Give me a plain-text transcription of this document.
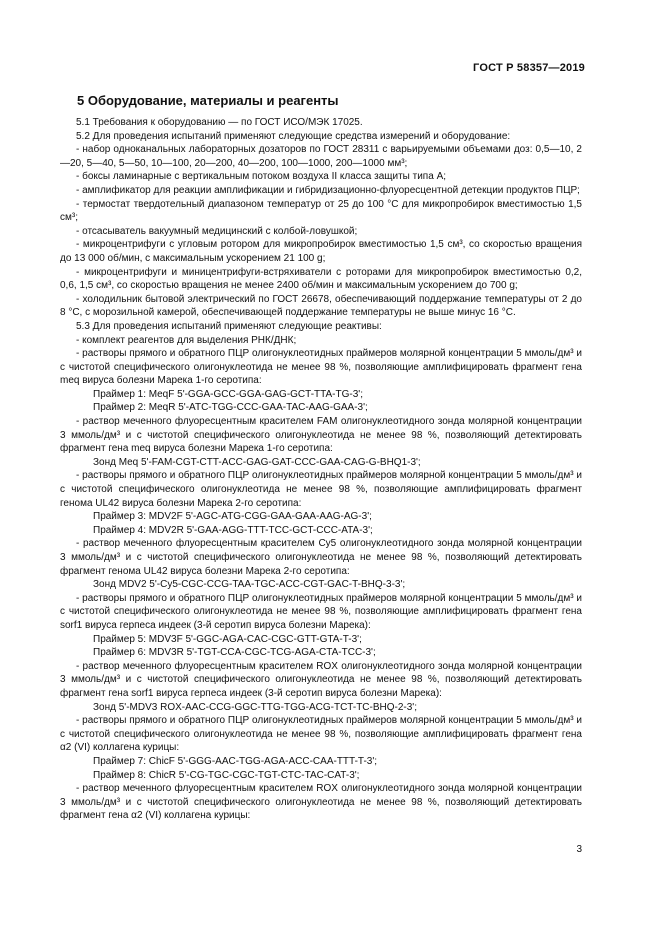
ГОСТ Р 58357—2019
5 Оборудование, материалы и реагенты

5.1 Требования к оборудованию — по ГОСТ ИСО/МЭК 17025.

5.2 Для проведения испытаний применяют следующие средства измерений и оборудование:

- набор одноканальных лабораторных дозаторов по ГОСТ 28311 с варьируемыми объемами доз: 0,5—10, 2—20, 5—40, 5—50, 10—100, 20—200, 40—200, 100—1000, 200—1000 мм³;

- боксы ламинарные с вертикальным потоком воздуха II класса защиты типа А;

- амплификатор для реакции амплификации и гибридизационно-флуоресцентной детекции продуктов ПЦР;

- термостат твердотельный диапазоном температур от 25 до 100 °С для микропробирок вместимостью 1,5 см³;

- отсасыватель вакуумный медицинский с колбой-ловушкой;

- микроцентрифуги с угловым ротором для микропробирок вместимостью 1,5 см³, со скоростью вращения до 13 000 об/мин, с максимальным ускорением 21 100 g;

- микроцентрифуги и миницентрифуги-встряхиватели с роторами для микропробирок вместимостью 0,2, 0,6, 1,5 см³, со скоростью вращения не менее 2400 об/мин и максимальным ускорением до 700 g;

- холодильник бытовой электрический по ГОСТ 26678, обеспечивающий поддержание температуры от 2 до 8 °С, с морозильной камерой, обеспечивающей поддержание температуры не выше минус 16 °С.

5.3 Для проведения испытаний применяют следующие реактивы:

- комплект реагентов для выделения РНК/ДНК;

- растворы прямого и обратного ПЦР олигонуклеотидных праймеров молярной концентрации 5 ммоль/дм³ и с чистотой специфического олигонуклеотида не менее 98 %, позволяющие амплифицировать фрагмент гена meq вируса болезни Марека 1-го серотипа:

Праймер 1: MeqF 5'-GGA-GCC-GGA-GAG-GCT-TTA-TG-3';

Праймер 2: MeqR 5'-ATC-TGG-CCC-GAA-TAC-AAG-GAA-3';

- раствор меченного флуоресцентным красителем FAM олигонуклеотидного зонда молярной концентрации 3 ммоль/дм³ и с чистотой специфического олигонуклеотида не менее 98 %, позволяющий детектировать фрагмент гена meq вируса болезни Марека 1-го серотипа:

Зонд Meq 5'-FAM-CGT-CTT-ACC-GAG-GAT-CCC-GAA-CAG-G-BHQ1-3';

- растворы прямого и обратного ПЦР олигонуклеотидных праймеров молярной концентрации 5 ммоль/дм³ и с чистотой специфического олигонуклеотида не менее 98 %, позволяющие амплифицировать фрагмент генома UL42 вируса болезни Марека 2-го серотипа:

Праймер 3: MDV2F 5'-AGC-ATG-CGG-GAA-GAA-AAG-AG-3';

Праймер 4: MDV2R 5'-GAA-AGG-TTT-TCC-GCT-CCC-ATA-3';

- раствор меченного флуоресцентным красителем Cy5 олигонуклеотидного зонда молярной концентрации 3 ммоль/дм³ и с чистотой специфического олигонуклеотида не менее 98 %, позволяющий детектировать фрагмент генома UL42 вируса болезни Марека 2-го серотипа:

Зонд MDV2 5'-Cy5-CGC-CCG-TAA-TGC-ACC-CGT-GAC-T-BHQ-3-3';

- растворы прямого и обратного ПЦР олигонуклеотидных праймеров молярной концентрации 5 ммоль/дм³ и с чистотой специфического олигонуклеотида не менее 98 %, позволяющие амплифицировать фрагмент гена sorf1 вируса герпеса индеек (3-й серотип вируса болезни Марека):

Праймер 5: MDV3F 5'-GGC-AGA-CAC-CGC-GTT-GTA-T-3';

Праймер 6: MDV3R 5'-TGT-CCA-CGC-TCG-AGA-CTA-TCC-3';

- раствор меченного флуоресцентным красителем ROX олигонуклеотидного зонда молярной концентрации 3 ммоль/дм³ и с чистотой специфического олигонуклеотида не менее 98 %, позволяющий детектировать фрагмент гена sorf1 вируса герпеса индеек (3-й серотип вируса болезни Марека):

Зонд 5'-MDV3 ROX-AAC-CCG-GGC-TTG-TGG-ACG-TCT-TC-BHQ-2-3';

- растворы прямого и обратного ПЦР олигонуклеотидных праймеров молярной концентрации 5 ммоль/дм³ и с чистотой специфического олигонуклеотида не менее 98 %, позволяющие амплифицировать фрагмент гена α2 (VI) коллагена курицы:

Праймер 7: ChicF 5'-GGG-AAC-TGG-AGA-ACC-CAA-TTT-T-3';

Праймер 8: ChicR 5'-CG-TGC-CGC-TGT-CTC-TAC-CAT-3';

- раствор меченного флуоресцентным красителем ROX олигонуклеотидного зонда молярной концентрации 3 ммоль/дм³ и с чистотой специфического олигонуклеотида не менее 98 %, позволяющий детектировать фрагмент гена α2 (VI) коллагена курицы:

3
